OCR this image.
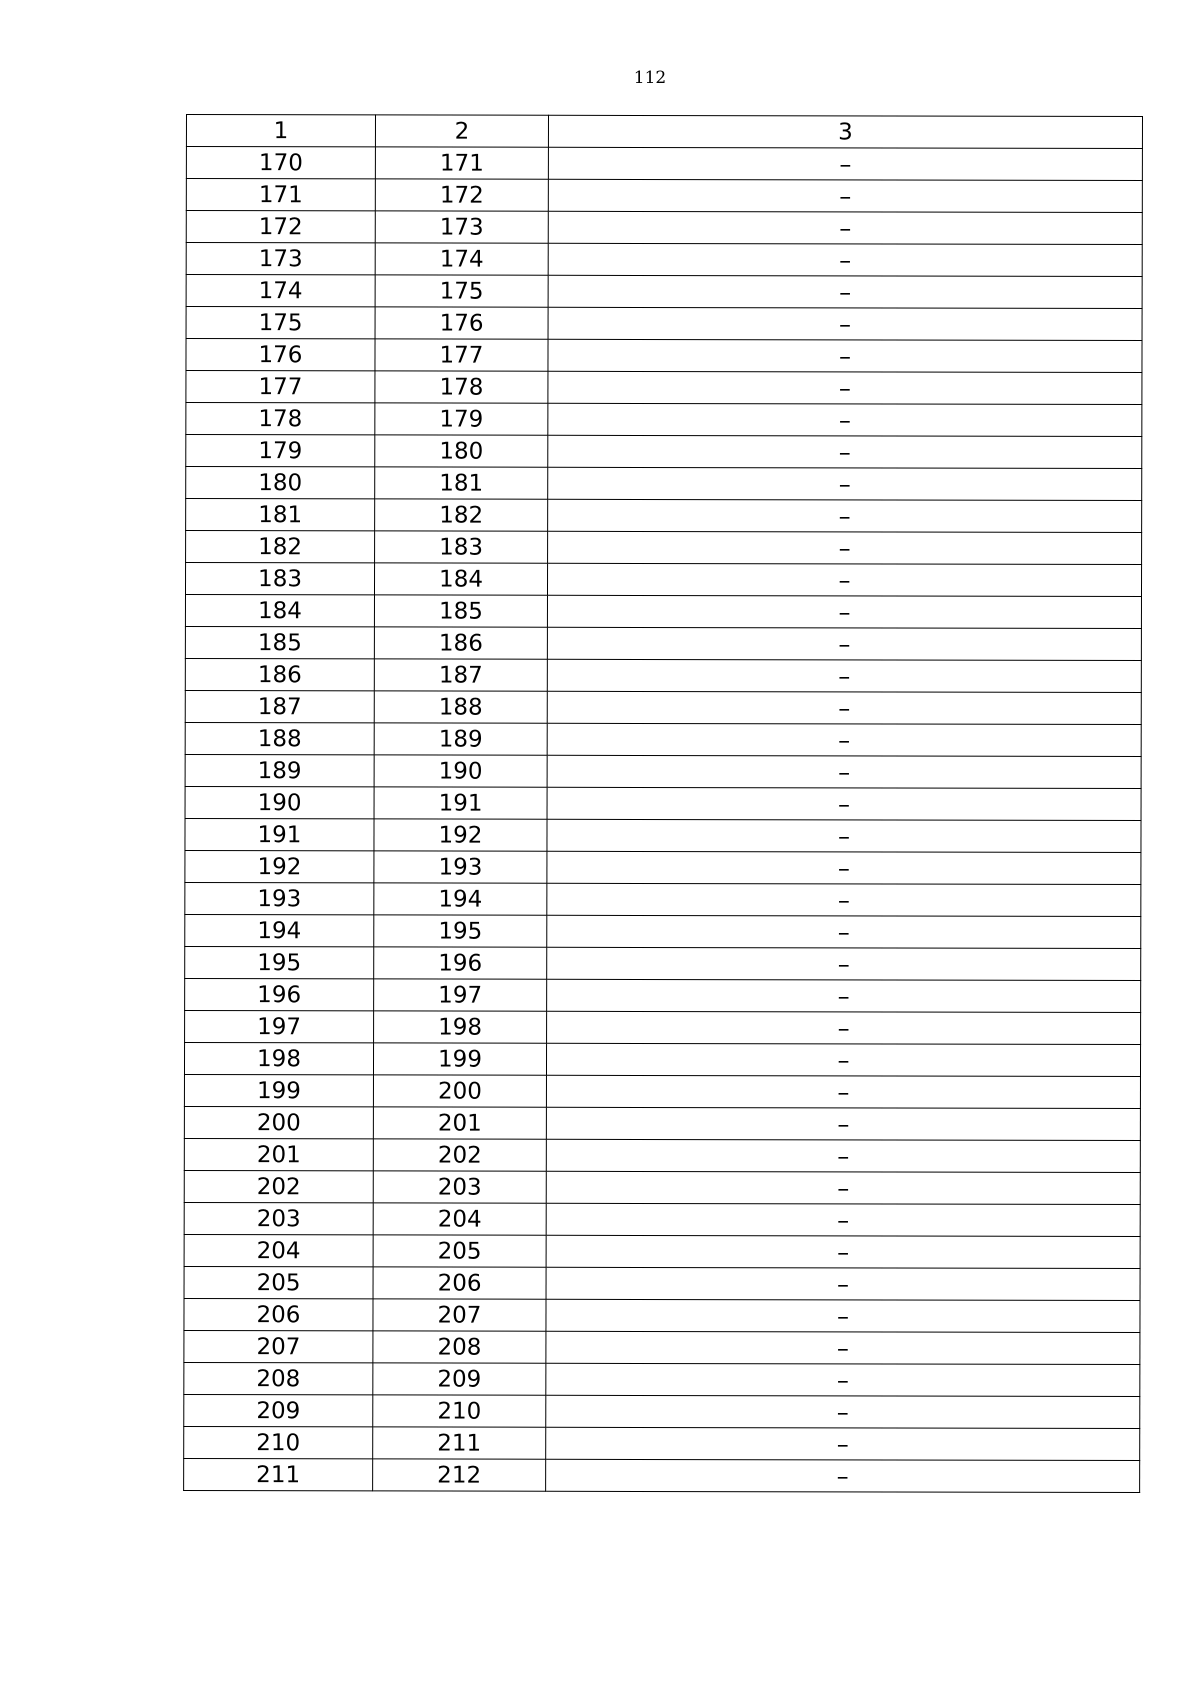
112
1	2	3
170	171	–
171	172	–
172	173	–
173	174	–
174	175	–
175	176	–
176	177	–
177	178	–
178	179	–
179	180	–
180	181	–
181	182	–
182	183	–
183	184	–
184	185	–
185	186	–
186	187	–
187	188	–
188	189	–
189	190	–
190	191	–
191	192	–
192	193	–
193	194	–
194	195	–
195	196	–
196	197	–
197	198	–
198	199	–
199	200	–
200	201	–
201	202	–
202	203	–
203	204	–
204	205	–
205	206	–
206	207	–
207	208	–
208	209	–
209	210	–
210	211	–
211	212	–
